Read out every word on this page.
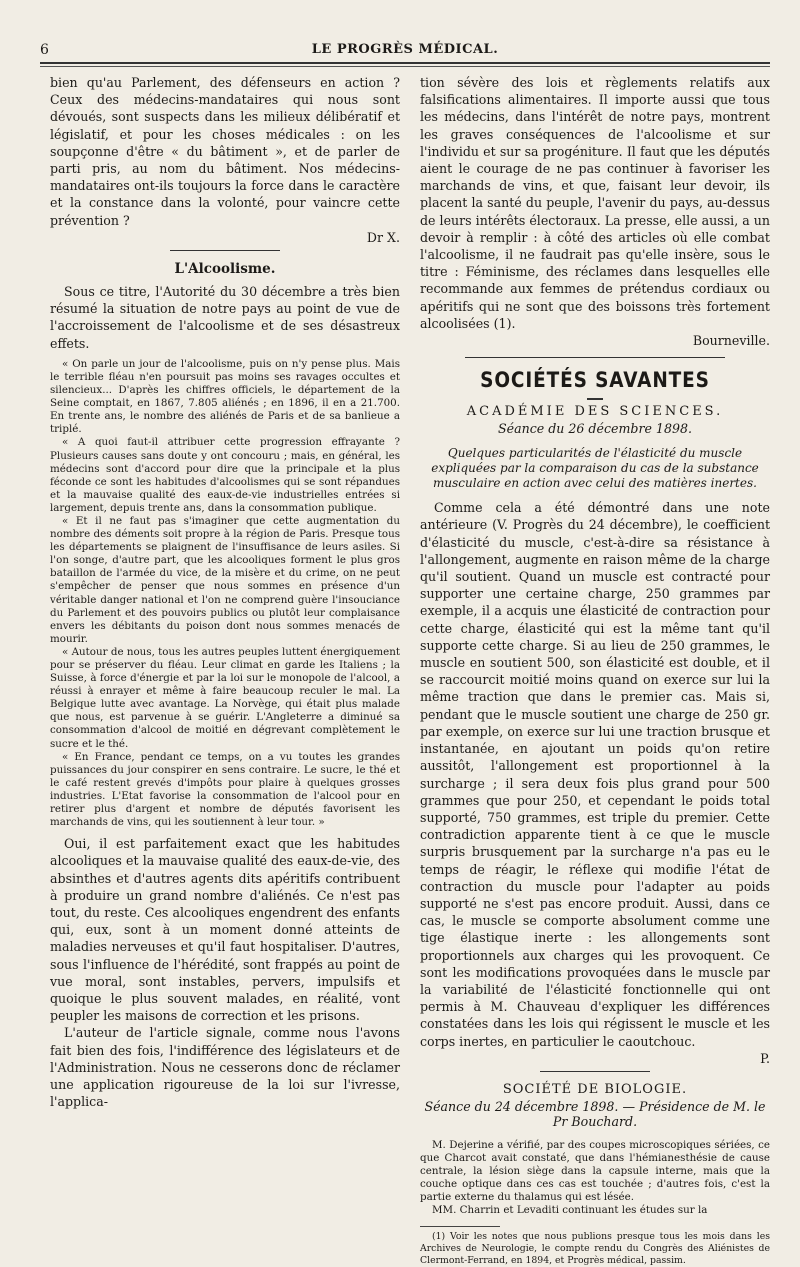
6	LE PROGRÈS MÉDICAL.

bien qu'au Parlement, des défenseurs en action ? Ceux des médecins-mandataires qui nous sont dévoués, sont suspects dans les milieux délibératif et législatif, et pour les choses médicales : on les soupçonne d'être « du bâtiment », et de parler de parti pris, au nom du bâtiment. Nos médecins-mandataires ont-ils toujours la force dans le caractère et la constance dans la volonté, pour vaincre cette prévention ?

Dr X.

L'Alcoolisme.

Sous ce titre, l'Autorité du 30 décembre a très bien résumé la situation de notre pays au point de vue de l'accroissement de l'alcoolisme et de ses désastreux effets.

« On parle un jour de l'alcoolisme, puis on n'y pense plus. Mais le terrible fléau n'en poursuit pas moins ses ravages occultes et silencieux... D'après les chiffres officiels, le département de la Seine comptait, en 1867, 7.805 aliénés ; en 1896, il en a 21.700. En trente ans, le nombre des aliénés de Paris et de sa banlieue a triplé.

« A quoi faut-il attribuer cette progression effrayante ? Plusieurs causes sans doute y ont concouru ; mais, en général, les médecins sont d'accord pour dire que la principale et la plus féconde ce sont les habitudes d'alcoolismes qui se sont répandues et la mauvaise qualité des eaux-de-vie industrielles entrées si largement, depuis trente ans, dans la consommation publique.

« Et il ne faut pas s'imaginer que cette augmentation du nombre des déments soit propre à la région de Paris. Presque tous les départements se plaignent de l'insuffisance de leurs asiles. Si l'on songe, d'autre part, que les alcooliques forment le plus gros bataillon de l'armée du vice, de la misère et du crime, on ne peut s'empêcher de penser que nous sommes en présence d'un véritable danger national et l'on ne comprend guère l'insouciance du Parlement et des pouvoirs publics ou plutôt leur complaisance envers les débitants du poison dont nous sommes menacés de mourir.

« Autour de nous, tous les autres peuples luttent énergiquement pour se préserver du fléau. Leur climat en garde les Italiens ; la Suisse, à force d'énergie et par la loi sur le monopole de l'alcool, a réussi à enrayer et même à faire beaucoup reculer le mal. La Belgique lutte avec avantage. La Norvège, qui était plus malade que nous, est parvenue à se guérir. L'Angleterre a diminué sa consommation d'alcool de moitié en dégrevant complètement le sucre et le thé.

« En France, pendant ce temps, on a vu toutes les grandes puissances du jour conspirer en sens contraire. Le sucre, le thé et le café restent grevés d'impôts pour plaire à quelques grosses industries. L'Etat favorise la consommation de l'alcool pour en retirer plus d'argent et nombre de députés favorisent les marchands de vins, qui les soutiennent à leur tour. »

Oui, il est parfaitement exact que les habitudes alcooliques et la mauvaise qualité des eaux-de-vie, des absinthes et d'autres agents dits apéritifs contribuent à produire un grand nombre d'aliénés. Ce n'est pas tout, du reste. Ces alcooliques engendrent des enfants qui, eux, sont à un moment donné atteints de maladies nerveuses et qu'il faut hospitaliser. D'autres, sous l'influence de l'hérédité, sont frappés au point de vue moral, sont instables, pervers, impulsifs et quoique le plus souvent malades, en réalité, vont peupler les maisons de correction et les prisons.

L'auteur de l'article signale, comme nous l'avons fait bien des fois, l'indifférence des législateurs et de l'Administration. Nous ne cesserons donc de réclamer une application rigoureuse de la loi sur l'ivresse, l'applica-

tion sévère des lois et règlements relatifs aux falsifications alimentaires. Il importe aussi que tous les médecins, dans l'intérêt de notre pays, montrent les graves conséquences de l'alcoolisme et sur l'individu et sur sa progéniture. Il faut que les députés aient le courage de ne pas continuer à favoriser les marchands de vins, et que, faisant leur devoir, ils placent la santé du peuple, l'avenir du pays, au-dessus de leurs intérêts électoraux. La presse, elle aussi, a un devoir à remplir : à côté des articles où elle combat l'alcoolisme, il ne faudrait pas qu'elle insère, sous le titre : Féminisme, des réclames dans lesquelles elle recommande aux femmes de prétendus cordiaux ou apéritifs qui ne sont que des boissons très fortement alcoolisées (1).

Bourneville.

SOCIÉTÉS SAVANTES
ACADÉMIE DES SCIENCES.
Séance du 26 décembre 1898.
Quelques particularités de l'élasticité du muscle expliquées par la comparaison du cas de la substance musculaire en action avec celui des matières inertes.

Comme cela a été démontré dans une note antérieure (V. Progrès du 24 décembre), le coefficient d'élasticité du muscle, c'est-à-dire sa résistance à l'allongement, augmente en raison même de la charge qu'il soutient. Quand un muscle est contracté pour supporter une certaine charge, 250 grammes par exemple, il a acquis une élasticité de contraction pour cette charge, élasticité qui est la même tant qu'il supporte cette charge. Si au lieu de 250 grammes, le muscle en soutient 500, son élasticité est double, et il se raccourcit moitié moins quand on exerce sur lui la même traction que dans le premier cas. Mais si, pendant que le muscle soutient une charge de 250 gr. par exemple, on exerce sur lui une traction brusque et instantanée, en ajoutant un poids qu'on retire aussitôt, l'allongement est proportionnel à la surcharge ; il sera deux fois plus grand pour 500 grammes que pour 250, et cependant le poids total supporté, 750 grammes, est triple du premier. Cette contradiction apparente tient à ce que le muscle surpris brusquement par la surcharge n'a pas eu le temps de réagir, le réflexe qui modifie l'état de contraction du muscle pour l'adapter au poids supporté ne s'est pas encore produit. Aussi, dans ce cas, le muscle se comporte absolument comme une tige élastique inerte : les allongements sont proportionnels aux charges qui les provoquent. Ce sont les modifications provoquées dans le muscle par la variabilité de l'élasticité fonctionnelle qui ont permis à M. Chauveau d'expliquer les différences constatées dans les lois qui régissent le muscle et les corps inertes, en particulier le caoutchouc.

P.

SOCIÉTÉ DE BIOLOGIE.
Séance du 24 décembre 1898. — Présidence de M. le Pr Bouchard.

M. Dejerine a vérifié, par des coupes microscopiques sériées, ce que Charcot avait constaté, que dans l'hémianesthésie de cause centrale, la lésion siège dans la capsule interne, mais que la couche optique dans ces cas est touchée ; d'autres fois, c'est la partie externe du thalamus qui est lésée.

MM. Charrin et Levaditi continuant les études sur la

(1) Voir les notes que nous publions presque tous les mois dans les Archives de Neurologie, le compte rendu du Congrès des Aliénistes de Clermont-Ferrand, en 1894, et Progrès médical, passim.
